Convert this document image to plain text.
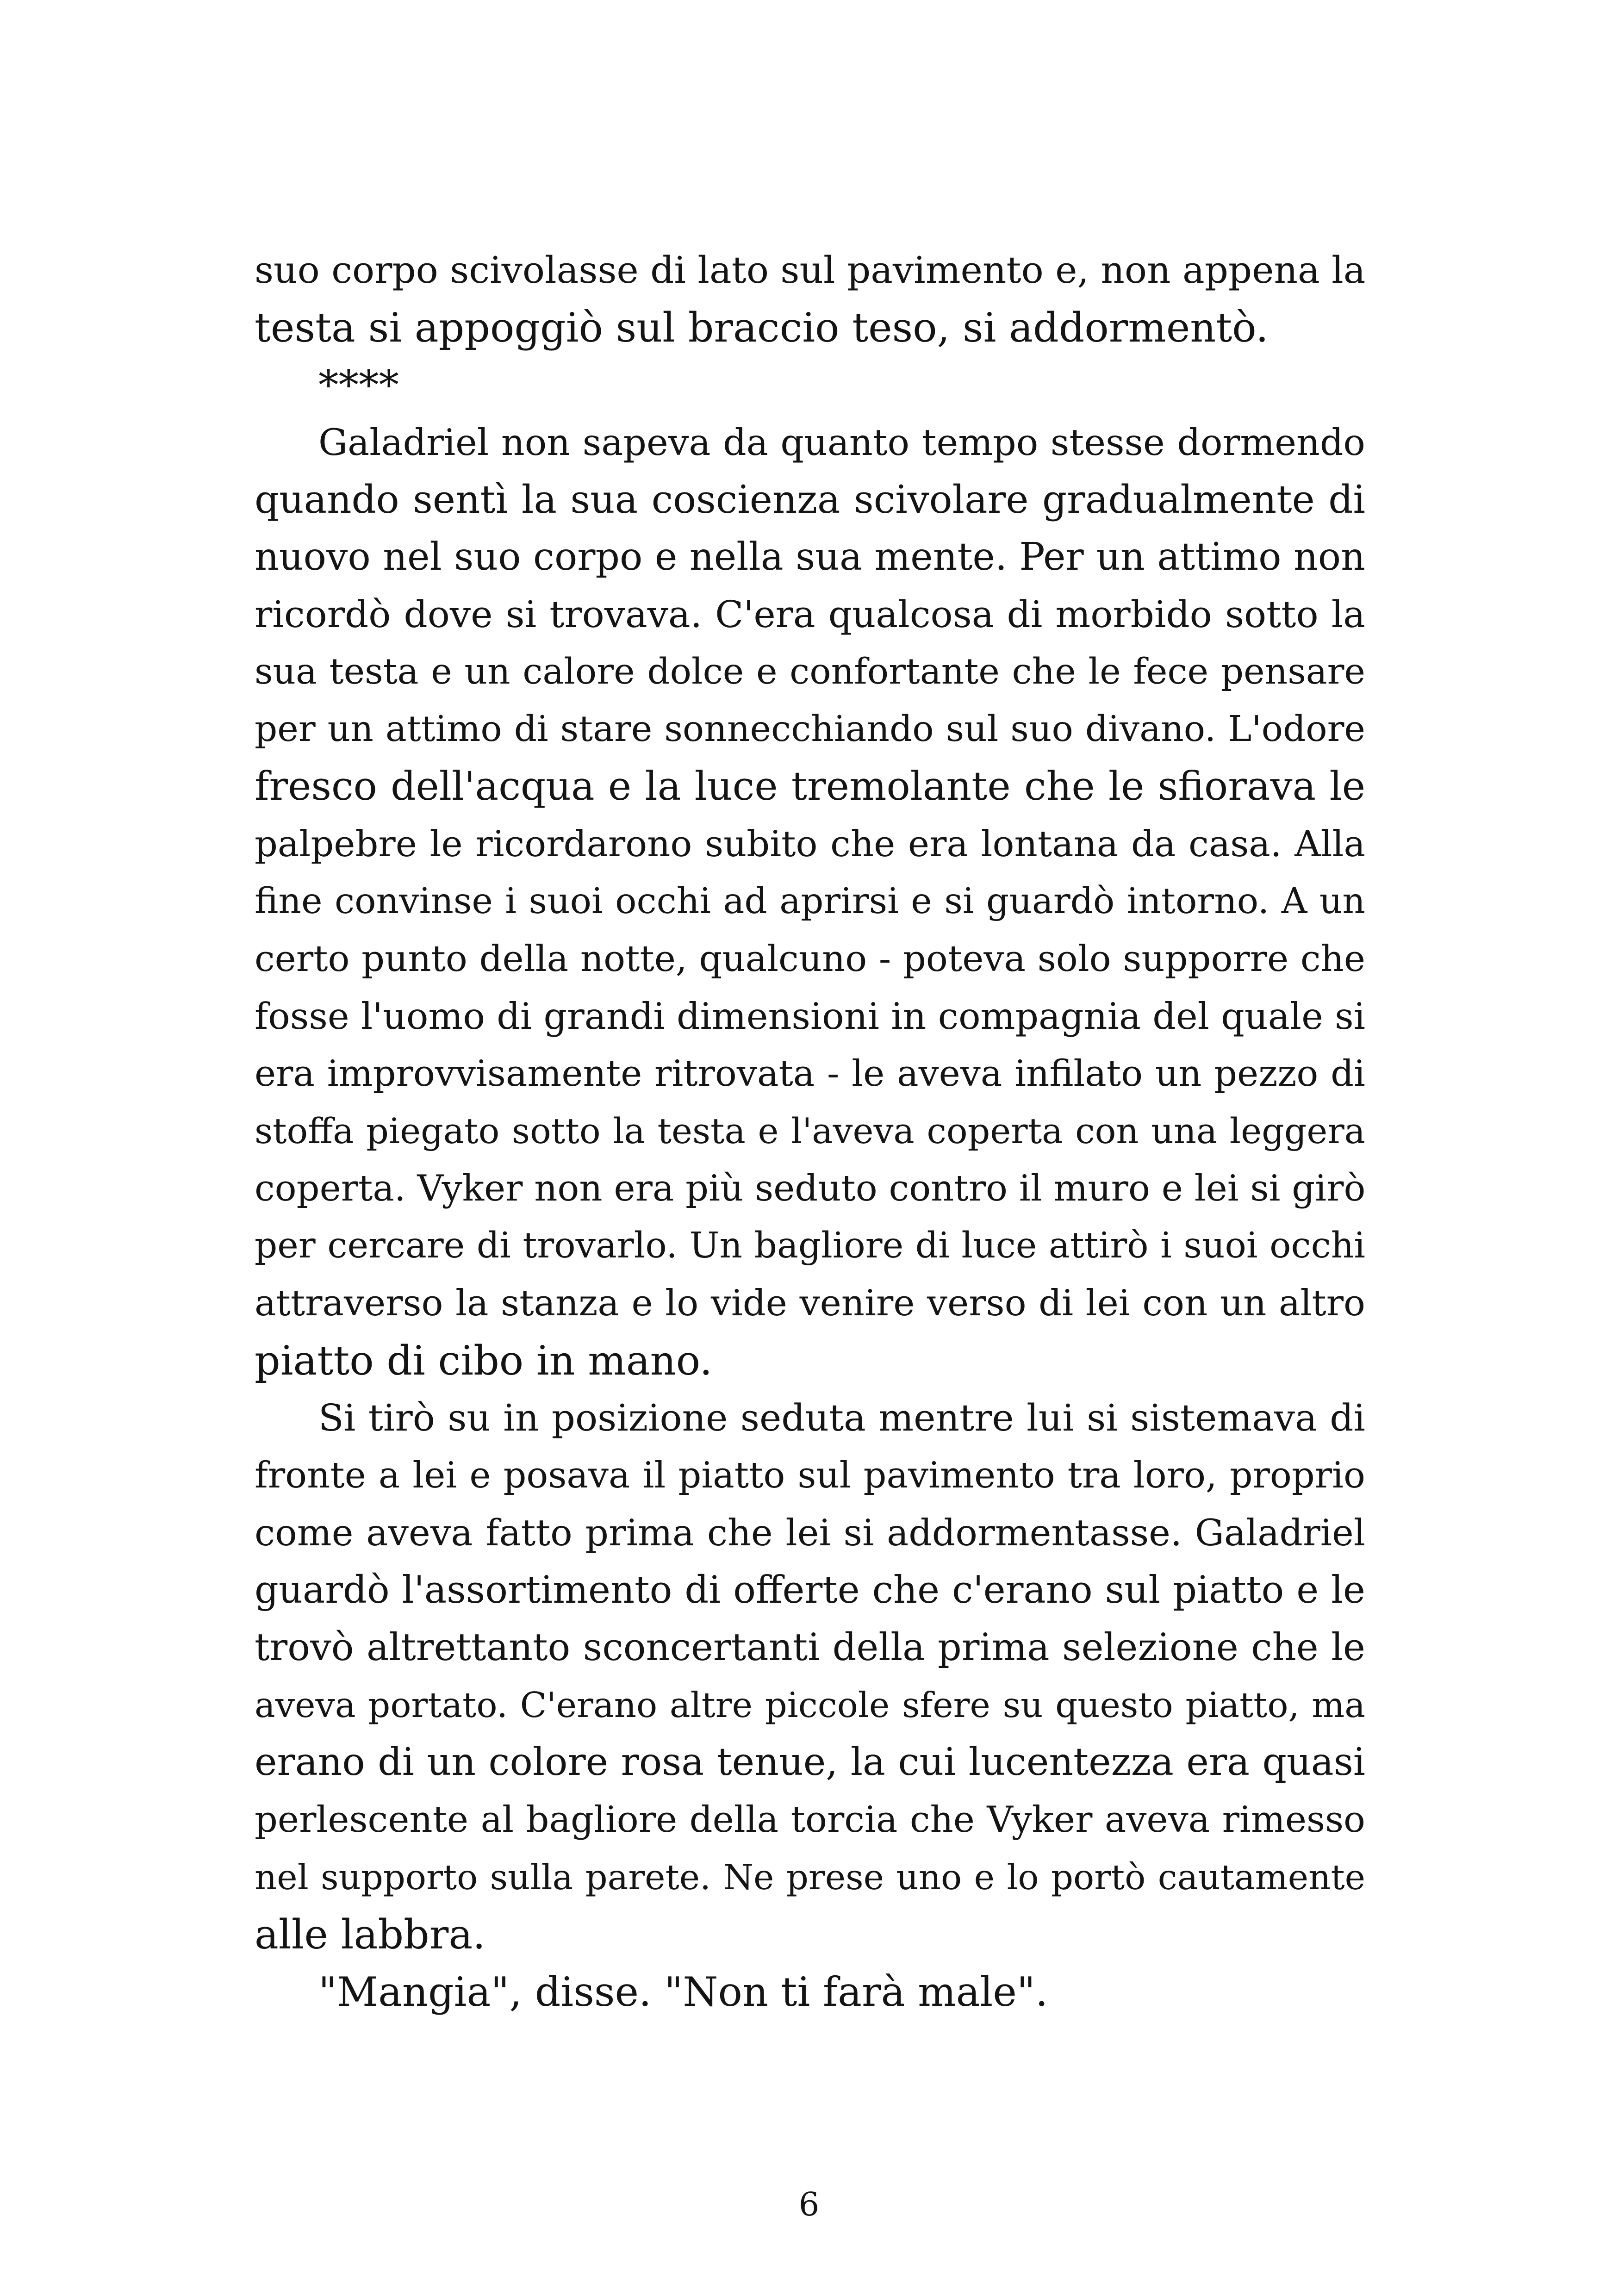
suo corpo scivolasse di lato sul pavimento e, non appena la
testa si appoggiò sul braccio teso, si addormentò.
****
Galadriel non sapeva da quanto tempo stesse dormendo
quando sentì la sua coscienza scivolare gradualmente di
nuovo nel suo corpo e nella sua mente. Per un attimo non
ricordò dove si trovava. C'era qualcosa di morbido sotto la
sua testa e un calore dolce e confortante che le fece pensare
per un attimo di stare sonnecchiando sul suo divano. L'odore
fresco dell'acqua e la luce tremolante che le sfiorava le
palpebre le ricordarono subito che era lontana da casa. Alla
fine convinse i suoi occhi ad aprirsi e si guardò intorno. A un
certo punto della notte, qualcuno - poteva solo supporre che
fosse l'uomo di grandi dimensioni in compagnia del quale si
era improvvisamente ritrovata - le aveva infilato un pezzo di
stoffa piegato sotto la testa e l'aveva coperta con una leggera
coperta. Vyker non era più seduto contro il muro e lei si girò
per cercare di trovarlo. Un bagliore di luce attirò i suoi occhi
attraverso la stanza e lo vide venire verso di lei con un altro
piatto di cibo in mano.
Si tirò su in posizione seduta mentre lui si sistemava di
fronte a lei e posava il piatto sul pavimento tra loro, proprio
come aveva fatto prima che lei si addormentasse. Galadriel
guardò l'assortimento di offerte che c'erano sul piatto e le
trovò altrettanto sconcertanti della prima selezione che le
aveva portato. C'erano altre piccole sfere su questo piatto, ma
erano di un colore rosa tenue, la cui lucentezza era quasi
perlescente al bagliore della torcia che Vyker aveva rimesso
nel supporto sulla parete. Ne prese uno e lo portò cautamente
alle labbra.
"Mangia", disse. "Non ti farà male".
6
